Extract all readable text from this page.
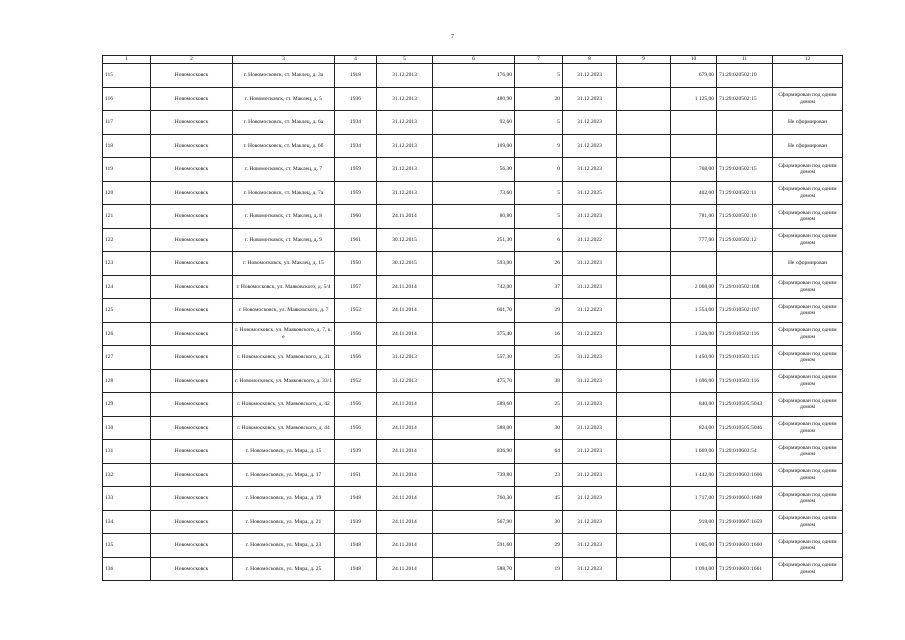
7
1	2	3	4	5	6	7	8	9	10	11	12
115	Новомосковск	г. Новомосковск, ст. Маклец, д. 3а	1918	31.12.2013	176,00	5	31.12.2023		679,00	71:29:020502:10	
116	Новомосковск	г. Новомосковск, ст. Маклец, д. 5	1936	31.12.2013	480,90	20	31.12.2023		1 125,00	71:29:020502:15	Сформирован под одним домом
117	Новомосковск	г. Новомосковск, ст. Маклец, д. 6а	1934	31.12.2013	92,60	5	31.12.2023				Не сформирован
118	Новомосковск	г. Новомосковск, ст. Маклец, д. 6б	1934	31.12.2013	109,00	9	31.12.2023				Не сформирован
119	Новомосковск	г. Новомосковск, ст. Маклец, д. 7	1959	31.12.2013	56,30	0	31.12.2023		768,00	71:29:020502:15	Сформирован под одним домом
120	Новомосковск	г. Новомосковск, ст. Маклец, д. 7а	1959	31.12.2013	73,60	5	31.12.2025		402,00	71:29:020502:11	Сформирован под одним домом
121	Новомосковск	г. Новомосковск, ст. Маклец, д. 8	1960	24.11.2014	80,80	5	31.12.2023		781,00	71:29:020502:16	Сформирован под одним домом
122	Новомосковск	г. Новомосковск, ст. Маклец, д. 9	1961	30.12.2015	251,30	6	31.12.2022		777,00	71:29:020502:12	Сформирован под одним домом
123	Новомосковск	г. Новомосковск, ул. Маклец, д. 15	1950	30.12.2015	593,00	26	31.12.2023				Не сформирован
124	Новомосковск	г. Новомосковск, ул. Маяковского, д. 5/4	1957	24.11.2014	742,00	37	31.12.2023		2 068,00	71:29:010502:108	Сформирован под одним домом
125	Новомосковск	г. Новомосковск, ул. Маяковского, д. 7	1952	24.11.2014	601,70	29	31.12.2023		1 554,00	71:29:010502:107	Сформирован под одним домом
126	Новомосковск	г. Новомосковск, ул. Маяковского, д. 7, к. е	1956	24.11.2014	375,40	16	31.12.2023		1 326,00	71:29:010502:116	Сформирован под одним домом
127	Новомосковск	г. Новомосковск, ул. Маяковского, д. 31	1956	31.12.2013	557,30	25	31.12.2023		1 450,00	71:29:010503:115	Сформирован под одним домом
128	Новомосковск	г. Новомосковск, ул. Маяковского, д. 33/1	1952	31.12.2013	475,70	38	31.12.2023		1 696,00	71:29:010503:116	Сформирован под одним домом
129	Новомосковск	г. Новомосковск, ул. Маяковского, д. 42	1956	24.11.2014	589,60	25	31.12.2023		840,00	71:29:010505:5043	Сформирован под одним домом
130	Новомосковск	г. Новомосковск, ул. Маяковского, д. 44	1956	24.11.2014	588,00	30	31.12.2023		824,00	71:29:010505:5046	Сформирован под одним домом
131	Новомосковск	г. Новомосковск, ул. Мира, д. 15	1939	24.11.2014	836,90	64	31.12.2023		1 669,00	71:29:010603:54	Сформирован под одним домом
132	Новомосковск	г. Новомосковск, ул. Мира, д. 17	1951	24.11.2014	739,80	23	31.12.2023		1 442,00	71:29:010603:1606	Сформирован под одним домом
133	Новомосковск	г. Новомосковск, ул. Мира, д. 19	1948	24.11.2014	760,30	45	31.12.2023		1 717,00	71:29:010603:1608	Сформирован под одним домом
134	Новомосковск	г. Новомосковск, ул. Мира, д. 21	1939	24.11.2014	567,90	30	31.12.2023		918,00	71:29:010607:1659	Сформирован под одним домом
135	Новомосковск	г. Новомосковск, ул. Мира, д. 23	1948	24.11.2014	591,60	29	31.12.2023		1 005,00	71:29:010603:1660	Сформирован под одним домом
136	Новомосковск	г. Новомосковск, ул. Мира, д. 25	1948	24.11.2014	588,70	19	31.12.2023		1 094,00	71:29:010603:1661	Сформирован под одним домом
